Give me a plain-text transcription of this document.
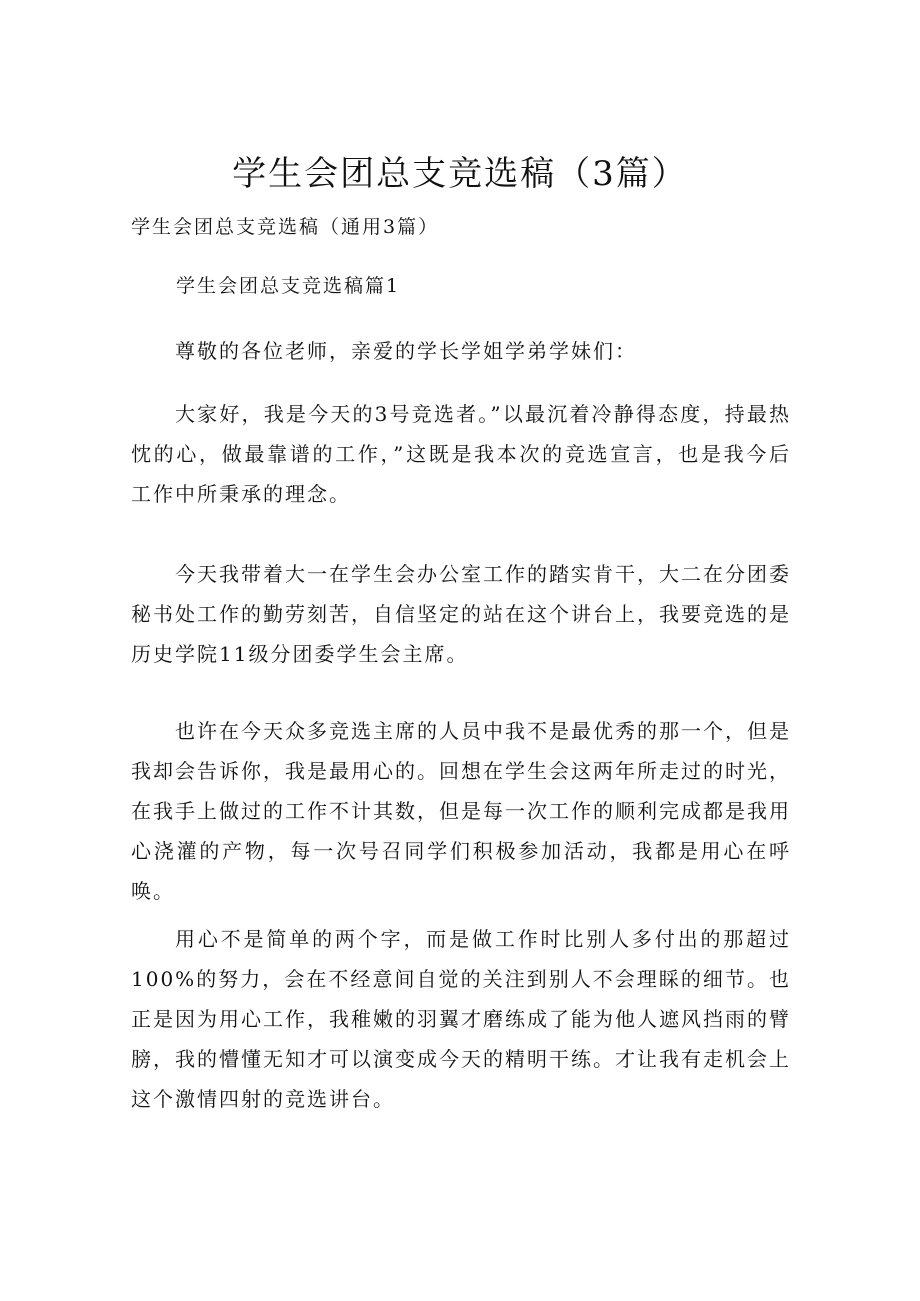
学生会团总支竞选稿（3篇）

学生会团总支竞选稿（通用3篇）

学生会团总支竞选稿篇1

尊敬的各位老师，亲爱的学长学姐学弟学妹们：

大家好，我是今天的3号竞选者。”以最沉着冷静得态度，持最热忱的心，做最靠谱的工作，”这既是我本次的竞选宣言，也是我今后工作中所秉承的理念。

今天我带着大一在学生会办公室工作的踏实肯干，大二在分团委秘书处工作的勤劳刻苦，自信坚定的站在这个讲台上，我要竞选的是历史学院11级分团委学生会主席。

也许在今天众多竞选主席的人员中我不是最优秀的那一个，但是我却会告诉你，我是最用心的。回想在学生会这两年所走过的时光，在我手上做过的工作不计其数，但是每一次工作的顺利完成都是我用心浇灌的产物，每一次号召同学们积极参加活动，我都是用心在呼唤。

用心不是简单的两个字，而是做工作时比别人多付出的那超过100%的努力，会在不经意间自觉的关注到别人不会理睬的细节。也正是因为用心工作，我稚嫩的羽翼才磨练成了能为他人遮风挡雨的臂膀，我的懵懂无知才可以演变成今天的精明干练。才让我有走机会上这个激情四射的竞选讲台。
